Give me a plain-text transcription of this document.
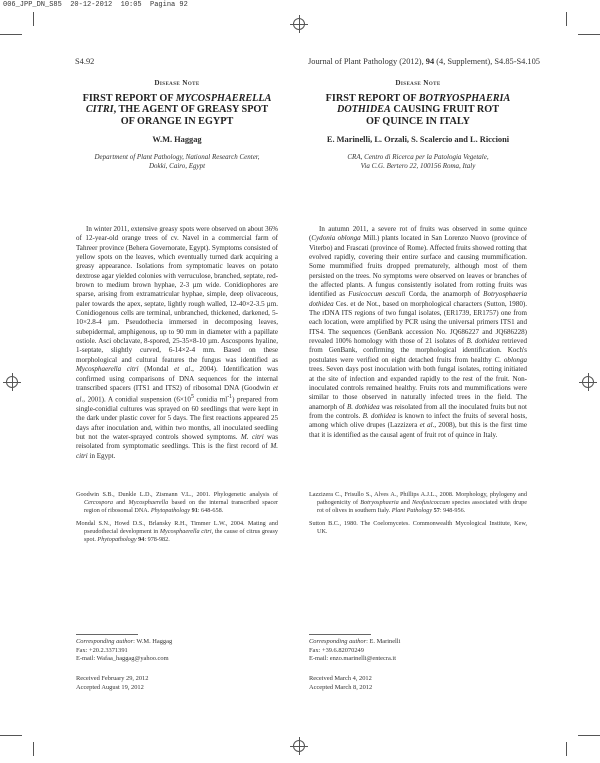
006_JPP_DN_S85  20-12-2012  10:05  Pagina 92
S4.92	Journal of Plant Pathology (2012), 94 (4, Supplement), S4.85-S4.105
Disease Note
FIRST REPORT OF MYCOSPHAERELLA
CITRI, THE AGENT OF GREASY SPOT
OF ORANGE IN EGYPT
W.M. Haggag
Department of Plant Pathology, National Research Center,
Dokki, Cairo, Egypt
Disease Note
FIRST REPORT OF BOTRYOSPHAERIA
DOTHIDEA CAUSING FRUIT ROT
OF QUINCE IN ITALY
E. Marinelli, L. Orzali, S. Scalercio and L. Riccioni
CRA, Centro di Ricerca per la Patologia Vegetale,
Via C.G. Bertero 22, 100156 Roma, Italy

In winter 2011, extensive greasy spots were observed on about 36% of 12-year-old orange trees of cv. Navel in a commercial farm of Tahreer province (Behera Governorate, Egypt). Symptoms consisted of yellow spots on the leaves, which eventually turned dark acquiring a greasy appearance. Isolations from symptomatic leaves on potato dextrose agar yielded colonies with verruculose, branched, septate, red-brown to medium brown hyphae, 2-3 µm wide. Conidiophores are sparse, arising from extramatricular hyphae, simple, deep olivaceous, paler towards the apex, septate, lightly rough walled, 12-40×2-3.5 µm. Conidiogenous cells are terminal, unbranched, thickened, darkened, 5-10×2.8-4 µm. Pseudothecia immersed in decomposing leaves, subepidermal, amphigenous, up to 90 mm in diameter with a papillate ostiole. Asci obclavate, 8-spored, 25-35×8-10 µm. Ascospores hyaline, 1-septate, slightly curved, 6-14×2-4 mm. Based on these morphological and cultural features the fungus was identified as Mycosphaerella citri (Mondal et al., 2004). Identification was confirmed using comparisons of DNA sequences for the internal transcribed spacers (ITS1 and ITS2) of ribosomal DNA (Goodwin et al., 2001). A conidial suspension ($6\times 10^5$ conidia $ml^{-1}$) prepared from single-conidial cultures was sprayed on 60 seedlings that were kept in the dark under plastic cover for 5 days. The first reactions appeared 25 days after inoculation and, within two months, all inoculated seedling but not the water-sprayed controls showed symptoms. M. citri was reisolated from symptomatic seedlings. This is the first record of M. citri in Egypt.

In autumn 2011, a severe rot of fruits was observed in some quince (Cydonia oblonga Mill.) plants located in San Lorenzo Nuovo (province of Viterbo) and Frascati (province of Rome). Affected fruits showed rotting that evolved rapidly, covering their entire surface and causing mummification. Some mummified fruits dropped prematurely, although most of them persisted on the trees. No symptoms were observed on leaves or branches of the affected plants. A fungus consistently isolated from rotting fruits was identified as Fusicoccum aesculi Corda, the anamorph of Botryosphaeria dothidea Ces. et de Not., based on morphological characters (Sutton, 1980). The rDNA ITS regions of two fungal isolates, (ER1739, ER1757) one from each location, were amplified by PCR using the universal primers ITS1 and ITS4. The sequences (GenBank accession No. JQ686227 and JQ686228) revealed 100% homology with those of 21 isolates of B. dothidea retrieved from GenBank, confirming the morphological identification. Koch's postulates were verified on eight detached fruits from healthy C. oblonga trees. Seven days post inoculation with both fungal isolates, rotting initiated at the site of infection and expanded rapidly to the rest of the fruit. Non-inoculated controls remained healthy. Fruits rots and mummifications were similar to those observed in naturally infected trees in the field. The anamorph of B. dothidea was reisolated from all the inoculated fruits but not from the controls. B. dothidea is known to infect the fruits of several hosts, among which olive drupes (Lazzizera et al., 2008), but this is the first time that it is identified as the causal agent of fruit rot of quince in Italy.

Goodwin S.B., Dunkle L.D., Zismann V.L., 2001. Phylogenetic analysis of Cercospora and Mycosphaerella based on the internal transcribed spacer region of ribosomal DNA. Phytopathology 91: 648-658.

Mondal S.N., Howd D.S., Brlansky R.H., Timmer L.W., 2004. Mating and pseudothecial development in Mycosphaerella citri, the cause of citrus greasy spot. Phytopathology 94: 978-982.

Lazzizera C., Frisullo S., Alves A., Phillips A.J.L., 2008. Morphology, phylogeny and pathogenicity of Botryosphaeria and Neofusicoccum species associated with drupe rot of olives in southern Italy. Plant Pathology 57: 948-956.

Sutton B.C., 1980. The Coelomycetes. Commonwealth Mycological Institute, Kew, UK.

Corresponding author: W.M. Haggag
Fax: +20.2.3371391
E-mail: Wafaa_haggag@yahoo.com
Corresponding author: E. Marinelli
Fax: +39.6.82070249
E-mail: enzo.marinelli@entecra.it
Received February 29, 2012
Accepted August 19, 2012
Received March 4, 2012
Accepted March 8, 2012
